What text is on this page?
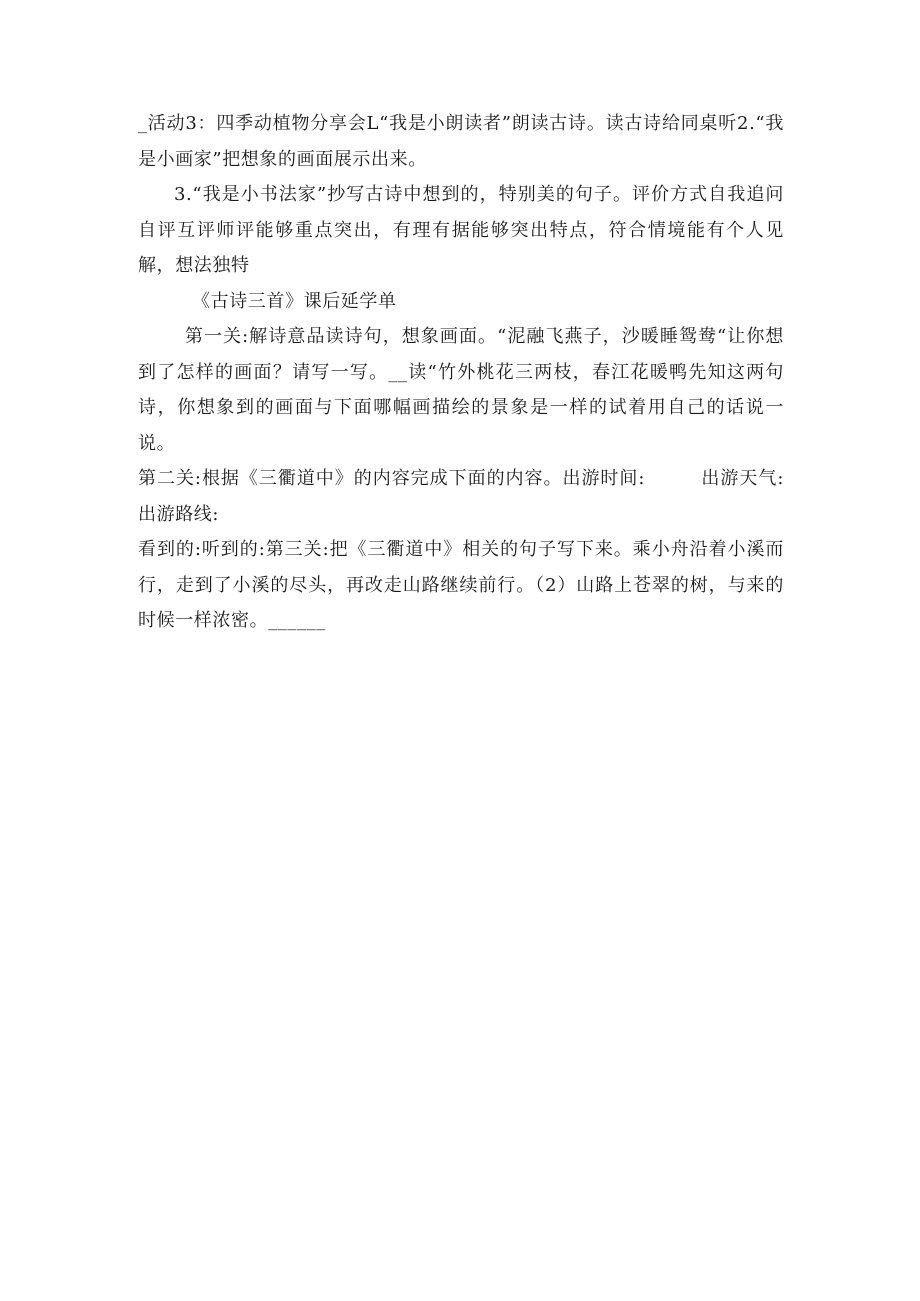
_活动3：四季动植物分享会L“我是小朗读者”朗读古诗。读古诗给同桌听2.“我是小画家”把想象的画面展示出来。

3.“我是小书法家”抄写古诗中想到的，特别美的句子。评价方式自我追问自评互评师评能够重点突出，有理有据能够突出特点，符合情境能有个人见解，想法独特

《古诗三首》课后延学单

第一关:解诗意品读诗句，想象画面。“泥融飞燕子，沙暖睡鸳鸯“让你想到了怎样的画面？请写一写。__读“竹外桃花三两枝，春江花暖鸭先知这两句诗，你想象到的画面与下面哪幅画描绘的景象是一样的试着用自己的话说一说。

第二关:根据《三衢道中》的内容完成下面的内容。出游时间:	出游天气:出游路线:

看到的:听到的:第三关:把《三衢道中》相关的句子写下来。乘小舟沿着小溪而行，走到了小溪的尽头，再改走山路继续前行。（2）山路上苍翠的树，与来的时候一样浓密。______
